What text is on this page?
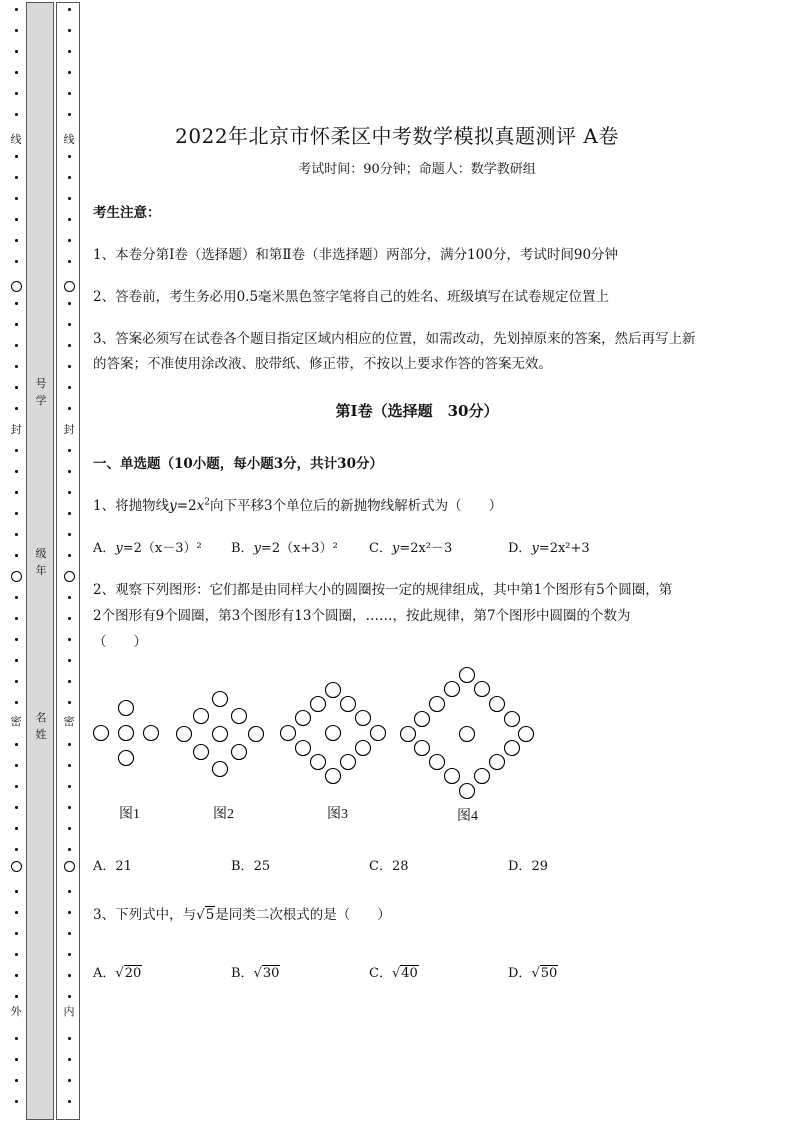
号
学
级
年
名
姓
线
封
密
外
线
封
密
内
2022年北京市怀柔区中考数学模拟真题测评 A卷
考试时间：90分钟；命题人：数学教研组
考生注意：
1、本卷分第Ⅰ卷（选择题）和第Ⅱ卷（非选择题）两部分，满分100分，考试时间90分钟
2、答卷前，考生务必用0.5毫米黑色签字笔将自己的姓名、班级填写在试卷规定位置上
3、答案必须写在试卷各个题目指定区域内相应的位置，如需改动，先划掉原来的答案，然后再写上新
的答案；不准使用涂改液、胶带纸、修正带，不按以上要求作答的答案无效。
第Ⅰ卷（选择题　30分）
一、单选题（10小题，每小题3分，共计30分）
1、将抛物线$y=2x^2$向下平移3个单位后的新抛物线解析式为（　　）
A．y=2（x－3）² B．y=2（x+3）² C．y=2x²－3	D．y=2x²+3
2、观察下列图形：它们都是由同样大小的圆圈按一定的规律组成，其中第1个图形有5个圆圈，第
2个图形有9个圆圈，第3个图形有13个圆圈，……，按此规律，第7个图形中圆圈的个数为
（　　）
图1	图2	图3	图4
A．21	B．25	C．28	D．29
3、下列式中，与√5是同类二次根式的是（　　）
A．√20	B．√30	C．√40	D．√50
